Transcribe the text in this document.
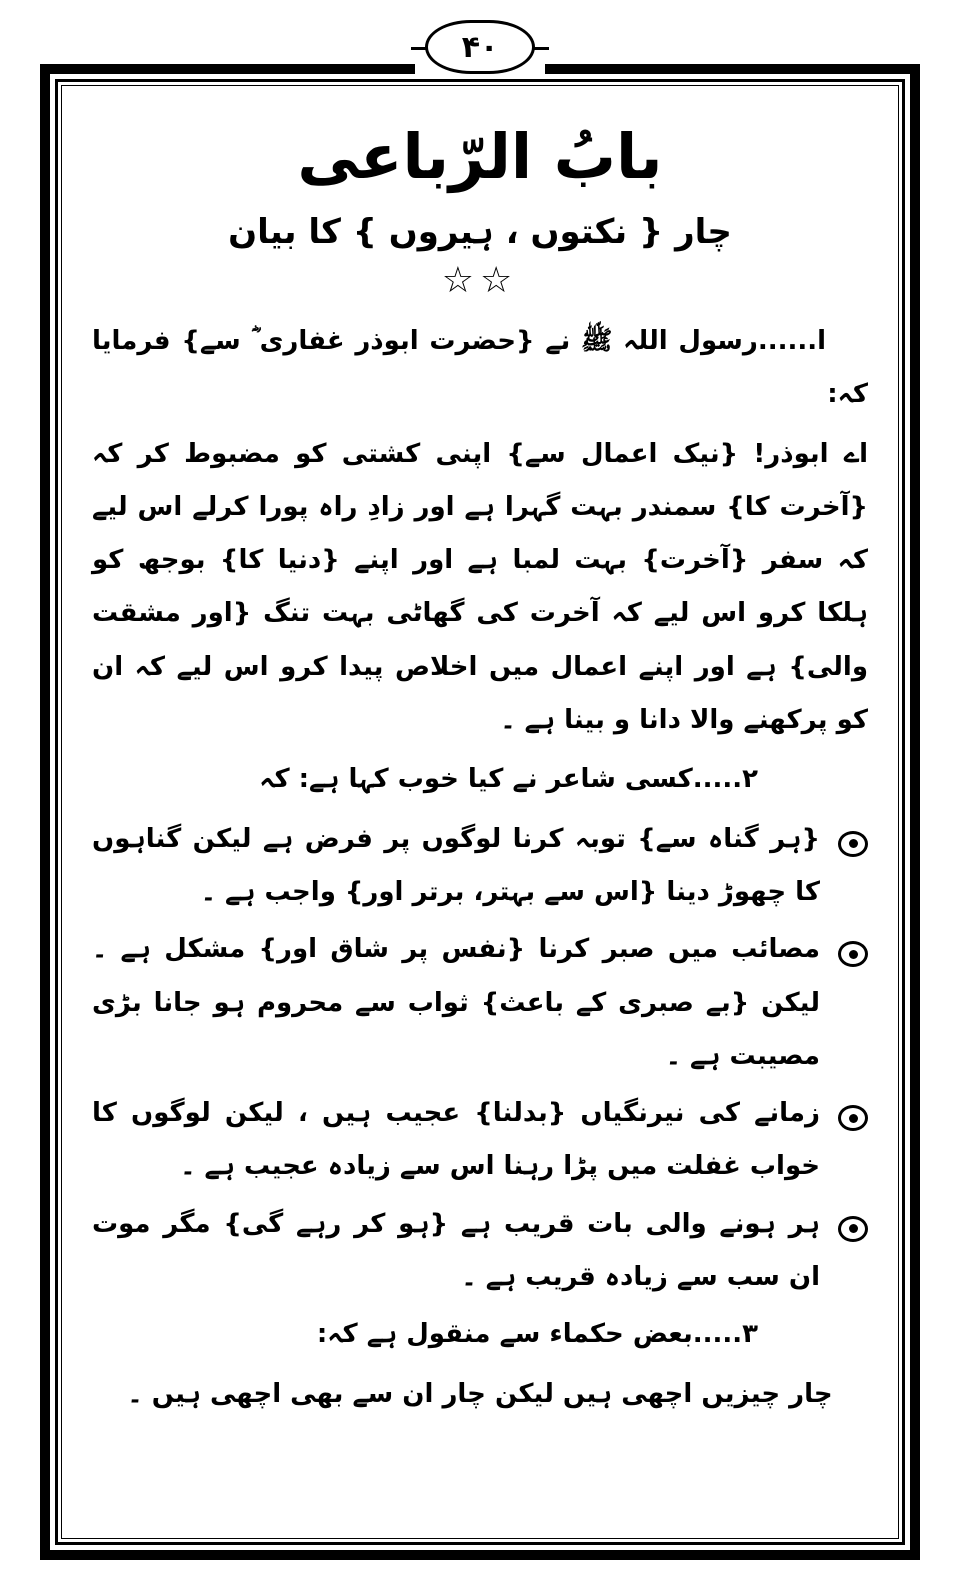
۴۰
بابُ الرّباعی
چار { نکتوں ، ہیروں } کا بیان
☆☆

ا......رسول اللہ ﷺ نے {حضرت ابوذر غفاری ؓ سے} فرمایا کہ:

اے ابوذر! {نیک اعمال سے} اپنی کشتی کو مضبوط کر کہ {آخرت کا} سمندر بہت گہرا ہے اور زادِ راہ پورا کرلے اس لیے کہ سفر {آخرت} بہت لمبا ہے اور اپنے {دنیا کا} بوجھ کو ہلکا کرو اس لیے کہ آخرت کی گھاٹی بہت تنگ {اور مشقت والی} ہے اور اپنے اعمال میں اخلاص پیدا کرو اس لیے کہ ان کو پرکھنے والا دانا و بینا ہے ۔

۲.....کسی شاعر نے کیا خوب کہا ہے: کہ

{ہر گناہ سے} توبہ کرنا لوگوں پر فرض ہے لیکن گناہوں کا چھوڑ دینا {اس سے بہتر، برتر اور} واجب ہے ۔
مصائب میں صبر کرنا {نفس پر شاق اور} مشکل ہے ۔لیکن {بے صبری کے باعث} ثواب سے محروم ہو جانا بڑی مصیبت ہے ۔
زمانے کی نیرنگیاں {بدلنا} عجیب ہیں ، لیکن لوگوں کا خواب غفلت میں پڑا رہنا اس سے زیادہ عجیب ہے ۔
ہر ہونے والی بات قریب ہے {ہو کر رہے گی} مگر موت ان سب سے زیادہ قریب ہے ۔

۳.....بعض حکماء سے منقول ہے کہ:

چار چیزیں اچھی ہیں لیکن چار ان سے بھی اچھی ہیں ۔
